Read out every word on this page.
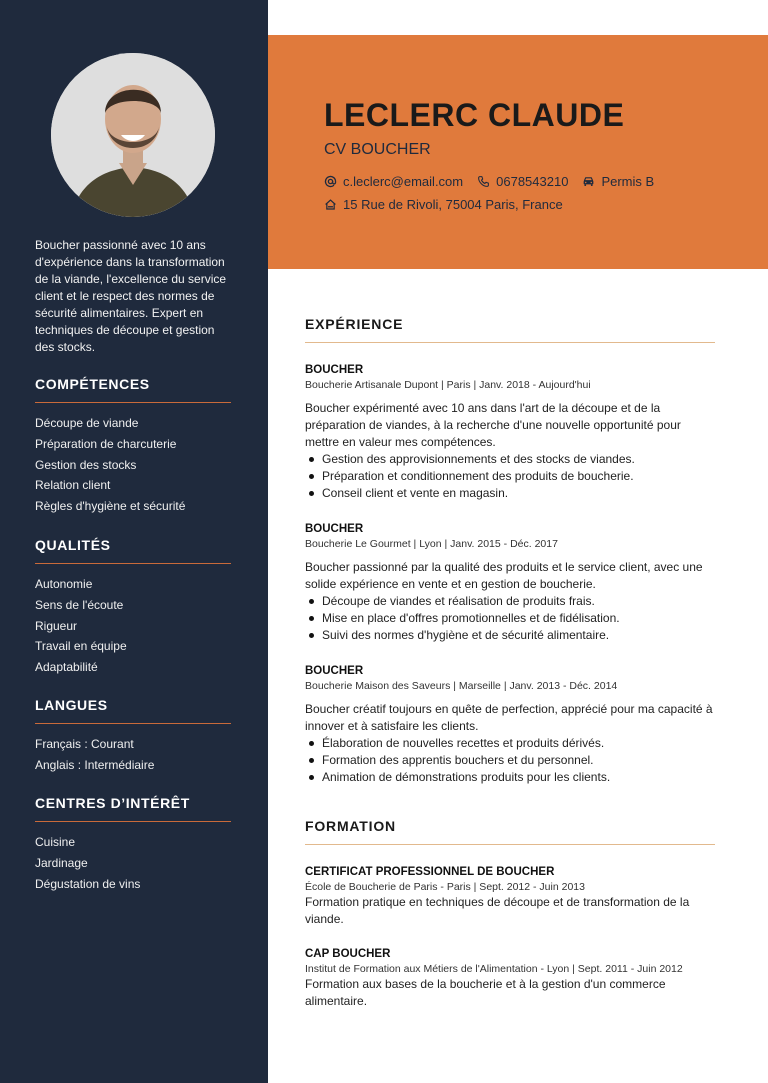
Boucher passionné avec 10 ans d'expérience dans la transformation de la viande, l'excellence du service client et le respect des normes de sécurité alimentaires. Expert en techniques de découpe et gestion des stocks.

COMPÉTENCES
Découpe de viande
Préparation de charcuterie
Gestion des stocks
Relation client
Règles d'hygiène et sécurité
QUALITÉS
Autonomie
Sens de l'écoute
Rigueur
Travail en équipe
Adaptabilité
LANGUES
Français : Courant
Anglais : Intermédiaire
CENTRES D’INTÉRÊT
Cuisine
Jardinage
Dégustation de vins
LECLERC CLAUDE
CV BOUCHER
c.leclerc@email.com	0678543210	Permis B
15 Rue de Rivoli, 75004 Paris, France
EXPÉRIENCE
BOUCHER
Boucherie Artisanale Dupont | Paris | Janv. 2018 - Aujourd'hui

Boucher expérimenté avec 10 ans dans l'art de la découpe et de la préparation de viandes, à la recherche d'une nouvelle opportunité pour mettre en valeur mes compétences.

Gestion des approvisionnements et des stocks de viandes.
Préparation et conditionnement des produits de boucherie.
Conseil client et vente en magasin.
BOUCHER
Boucherie Le Gourmet | Lyon | Janv. 2015 - Déc. 2017

Boucher passionné par la qualité des produits et le service client, avec une solide expérience en vente et en gestion de boucherie.

Découpe de viandes et réalisation de produits frais.
Mise en place d'offres promotionnelles et de fidélisation.
Suivi des normes d'hygiène et de sécurité alimentaire.
BOUCHER
Boucherie Maison des Saveurs | Marseille | Janv. 2013 - Déc. 2014

Boucher créatif toujours en quête de perfection, apprécié pour ma capacité à innover et à satisfaire les clients.

Élaboration de nouvelles recettes et produits dérivés.
Formation des apprentis bouchers et du personnel.
Animation de démonstrations produits pour les clients.
FORMATION
CERTIFICAT PROFESSIONNEL DE BOUCHER
École de Boucherie de Paris - Paris | Sept. 2012 - Juin 2013

Formation pratique en techniques de découpe et de transformation de la viande.

CAP BOUCHER
Institut de Formation aux Métiers de l'Alimentation - Lyon | Sept. 2011 - Juin 2012

Formation aux bases de la boucherie et à la gestion d'un commerce alimentaire.
